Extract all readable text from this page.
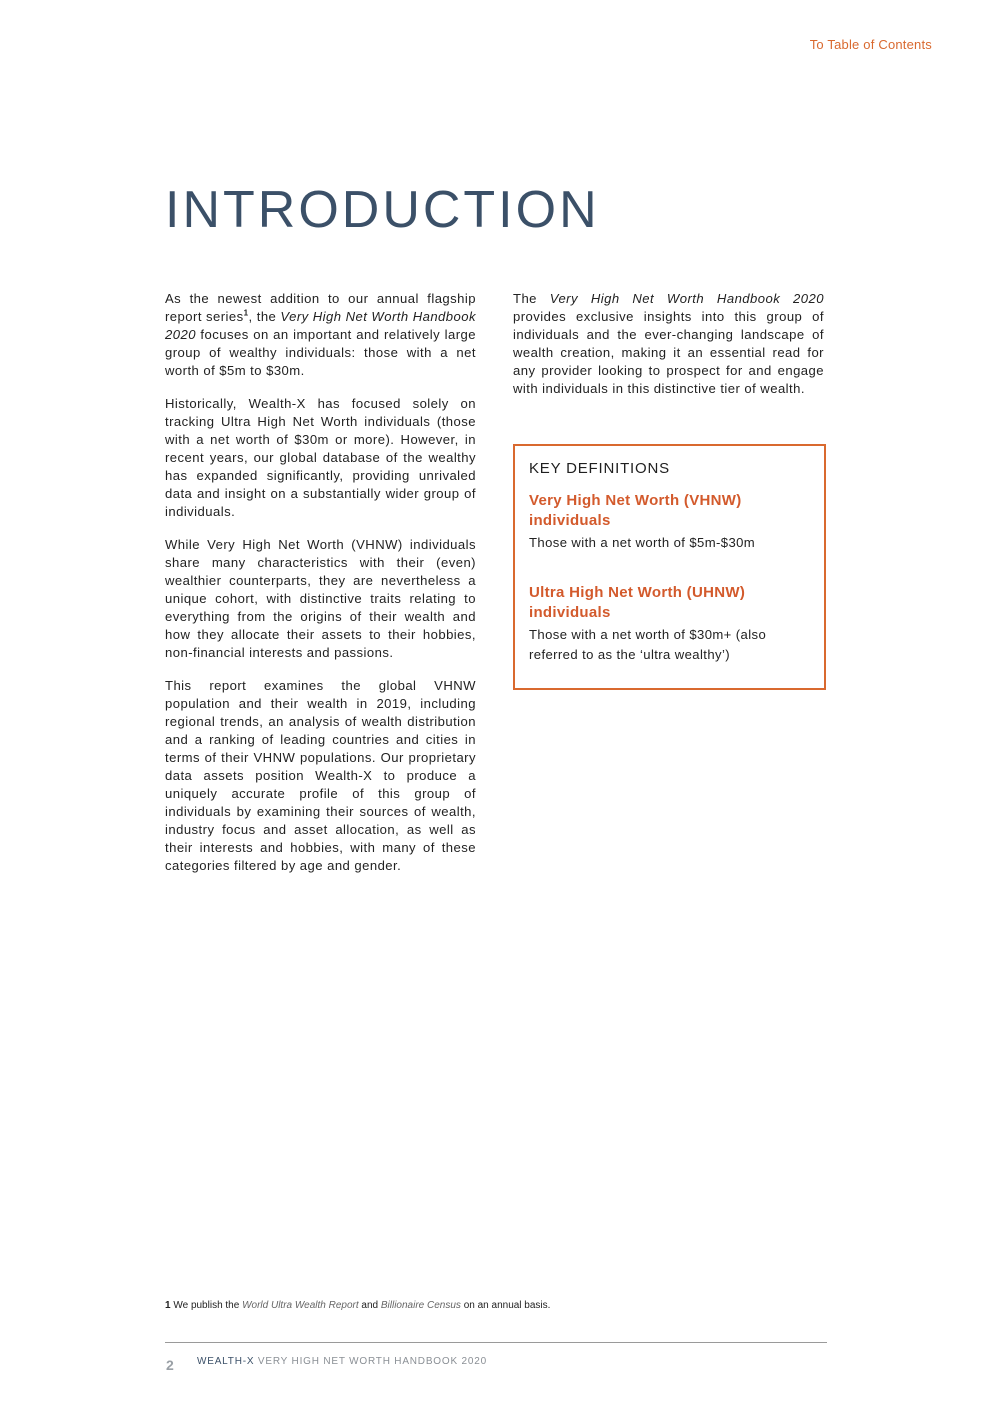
To Table of Contents
INTRODUCTION

As the newest addition to our annual flagship report series$^1$, the Very High Net Worth Handbook 2020 focuses on an important and relatively large group of wealthy individuals: those with a net worth of $5m to $30m.

Historically, Wealth-X has focused solely on tracking Ultra High Net Worth individuals (those with a net worth of $30m or more). However, in recent years, our global database of the wealthy has expanded significantly, providing unrivaled data and insight on a substantially wider group of individuals.

While Very High Net Worth (VHNW) individuals share many characteristics with their (even) wealthier counterparts, they are nevertheless a unique cohort, with distinctive traits relating to everything from the origins of their wealth and how they allocate their assets to their hobbies, non-financial interests and passions.

This report examines the global VHNW population and their wealth in 2019, including regional trends, an analysis of wealth distribution and a ranking of leading countries and cities in terms of their VHNW populations. Our proprietary data assets position Wealth-X to produce a uniquely accurate profile of this group of individuals by examining their sources of wealth, industry focus and asset allocation, as well as their interests and hobbies, with many of these categories filtered by age and gender.

The Very High Net Worth Handbook 2020 provides exclusive insights into this group of individuals and the ever-changing landscape of wealth creation, making it an essential read for any provider looking to prospect for and engage with individuals in this distinctive tier of wealth.

KEY DEFINITIONS

Very High Net Worth (VHNW) individuals

Those with a net worth of $5m-$30m

Ultra High Net Worth (UHNW) individuals

Those with a net worth of $30m+ (also referred to as the ‘ultra wealthy’)

1 We publish the World Ultra Wealth Report and Billionaire Census on an annual basis.
2 WEALTH-X VERY HIGH NET WORTH HANDBOOK 2020
